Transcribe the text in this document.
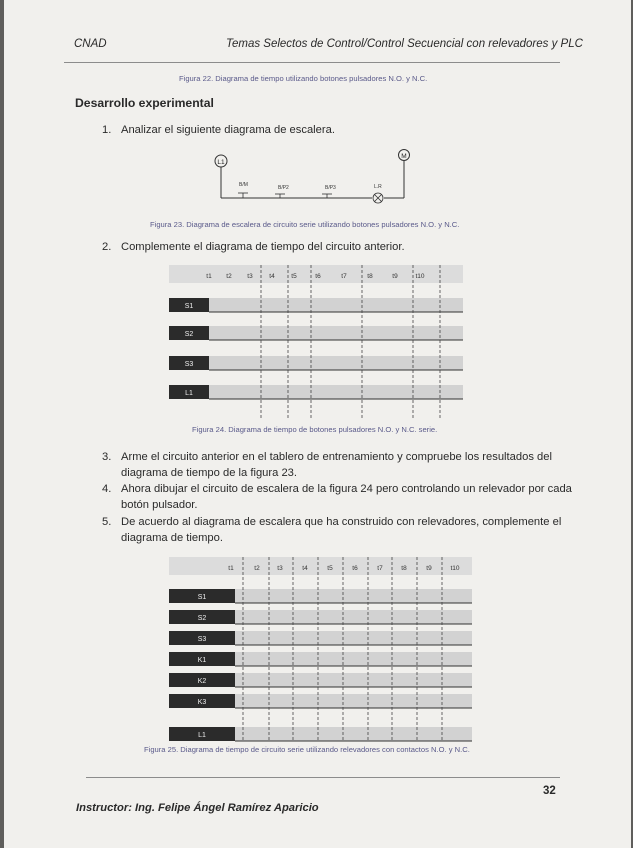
CNAD	Temas Selectos de Control/Control Secuencial con relevadores y PLC
Figura 22. Diagrama de tiempo utilizando botones pulsadores N.O. y N.C.
Desarrollo experimental
1. Analizar el siguiente diagrama de escalera.
L1
M
B/M	B/P2	B/P3	L.R
Figura 23. Diagrama de escalera de circuito serie utilizando botones pulsadores N.O. y N.C.
2. Complemente el diagrama de tiempo del circuito anterior.
t1 t2 t3	t4	t5	t6	t7	t8	t9	t10
S1
S2
S3
L1
Figura 24. Diagrama de tiempo de botones pulsadores N.O. y N.C. serie.
3. Arme el circuito anterior en el tablero de entrenamiento y compruebe los resultados del
diagrama de tiempo de la figura 23.
4. Ahora dibujar el circuito de escalera de la figura 24 pero controlando un relevador por cada
botón pulsador.
5. De acuerdo al diagrama de escalera que ha construido con relevadores, complemente el
diagrama de tiempo.
t1	t2	t3	t4	t5	t6	t7	t8	t9	t10
S1
S2
S3
K1
K2
K3
L1
Figura 25. Diagrama de tiempo de circuito serie utilizando relevadores con contactos N.O. y N.C.
32
Instructor: Ing. Felipe Ángel Ramírez Aparicio
